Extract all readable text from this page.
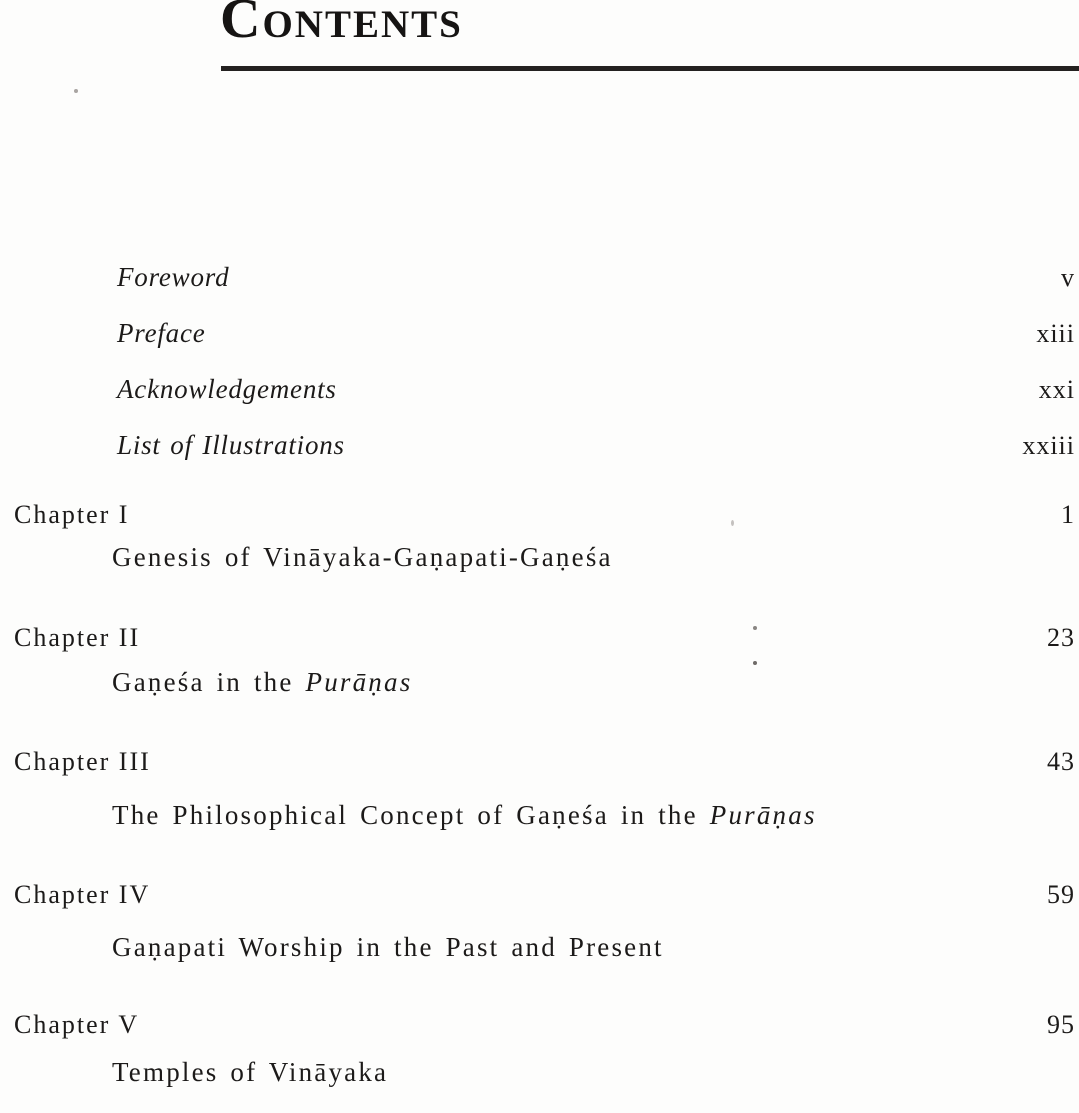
Contents
Foreword	v
Preface	xiii
Acknowledgements	xxi
List of Illustrations	xxiii
Chapter I	1
Genesis of Vināyaka-Gaṇapati-Gaṇeśa
Chapter II	23
Gaṇeśa in the Purāṇas
Chapter III	43
The Philosophical Concept of Gaṇeśa in the Purāṇas
Chapter IV	59
Gaṇapati Worship in the Past and Present
Chapter V	95
Temples of Vināyaka
